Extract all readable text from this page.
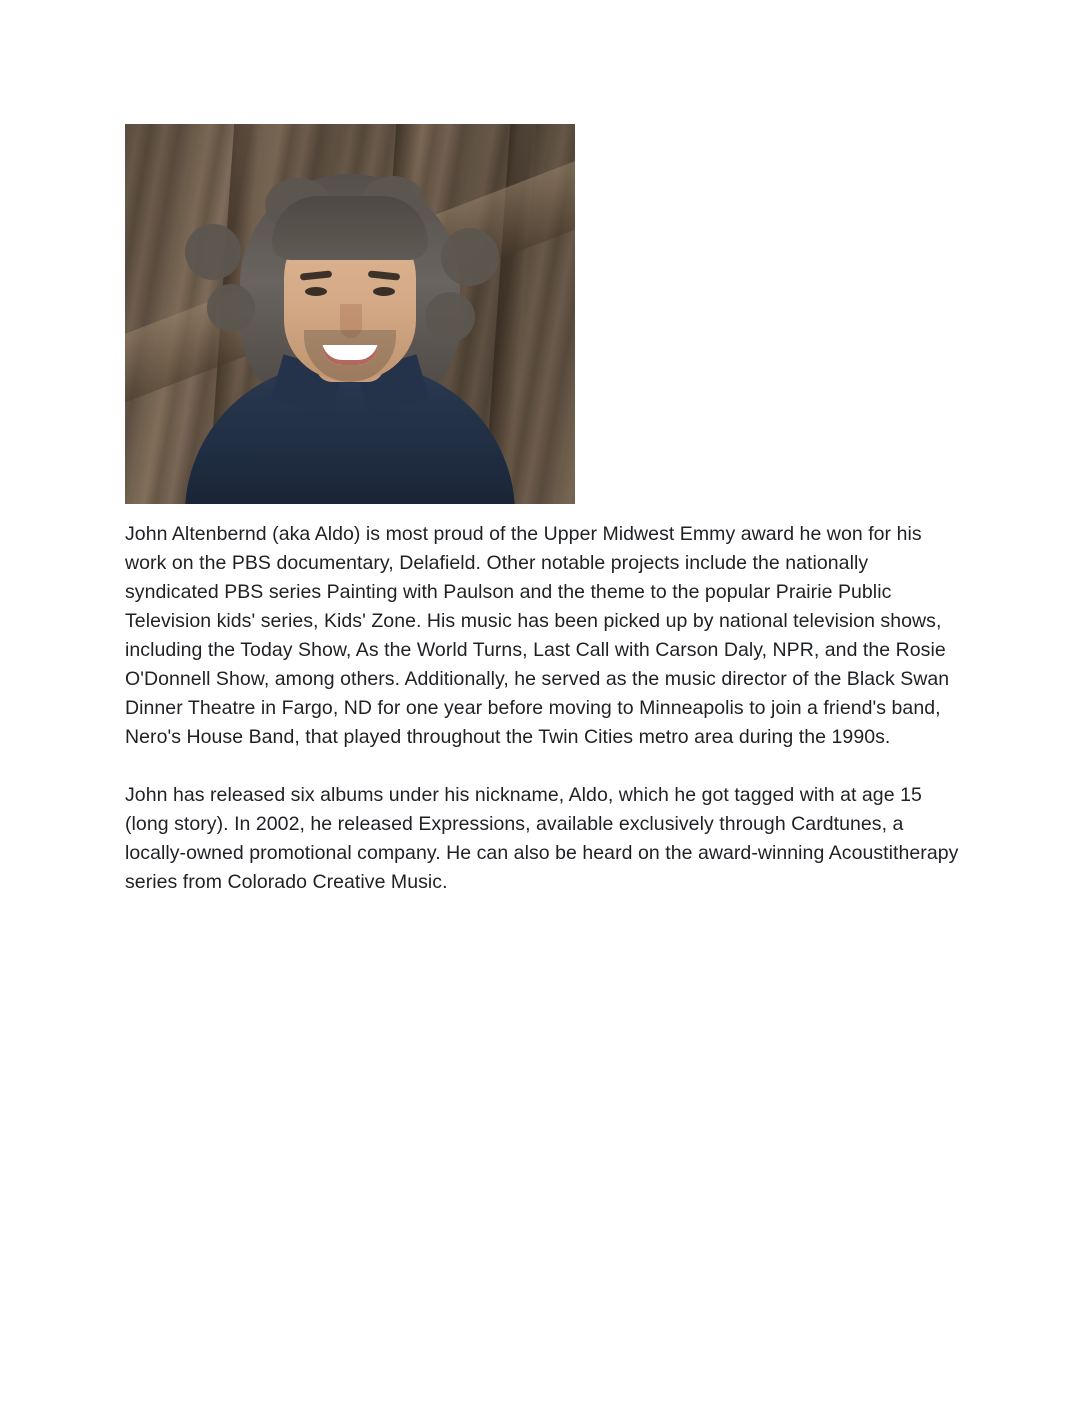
John Altenbernd (aka Aldo) is most proud of the Upper Midwest Emmy award he won for his work on the PBS documentary, Delafield. Other notable projects include the nationally syndicated PBS series Painting with Paulson and the theme to the popular Prairie Public Television kids' series, Kids' Zone. His music has been picked up by national television shows, including the Today Show, As the World Turns, Last Call with Carson Daly, NPR, and the Rosie O'Donnell Show, among others. Additionally, he served as the music director of the Black Swan Dinner Theatre in Fargo, ND for one year before moving to Minneapolis to join a friend's band, Nero's House Band, that played throughout the Twin Cities metro area during the 1990s.

John has released six albums under his nickname, Aldo, which he got tagged with at age 15 (long story). In 2002, he released Expressions, available exclusively through Cardtunes, a locally-owned promotional company. He can also be heard on the award-winning Acoustitherapy series from Colorado Creative Music.
